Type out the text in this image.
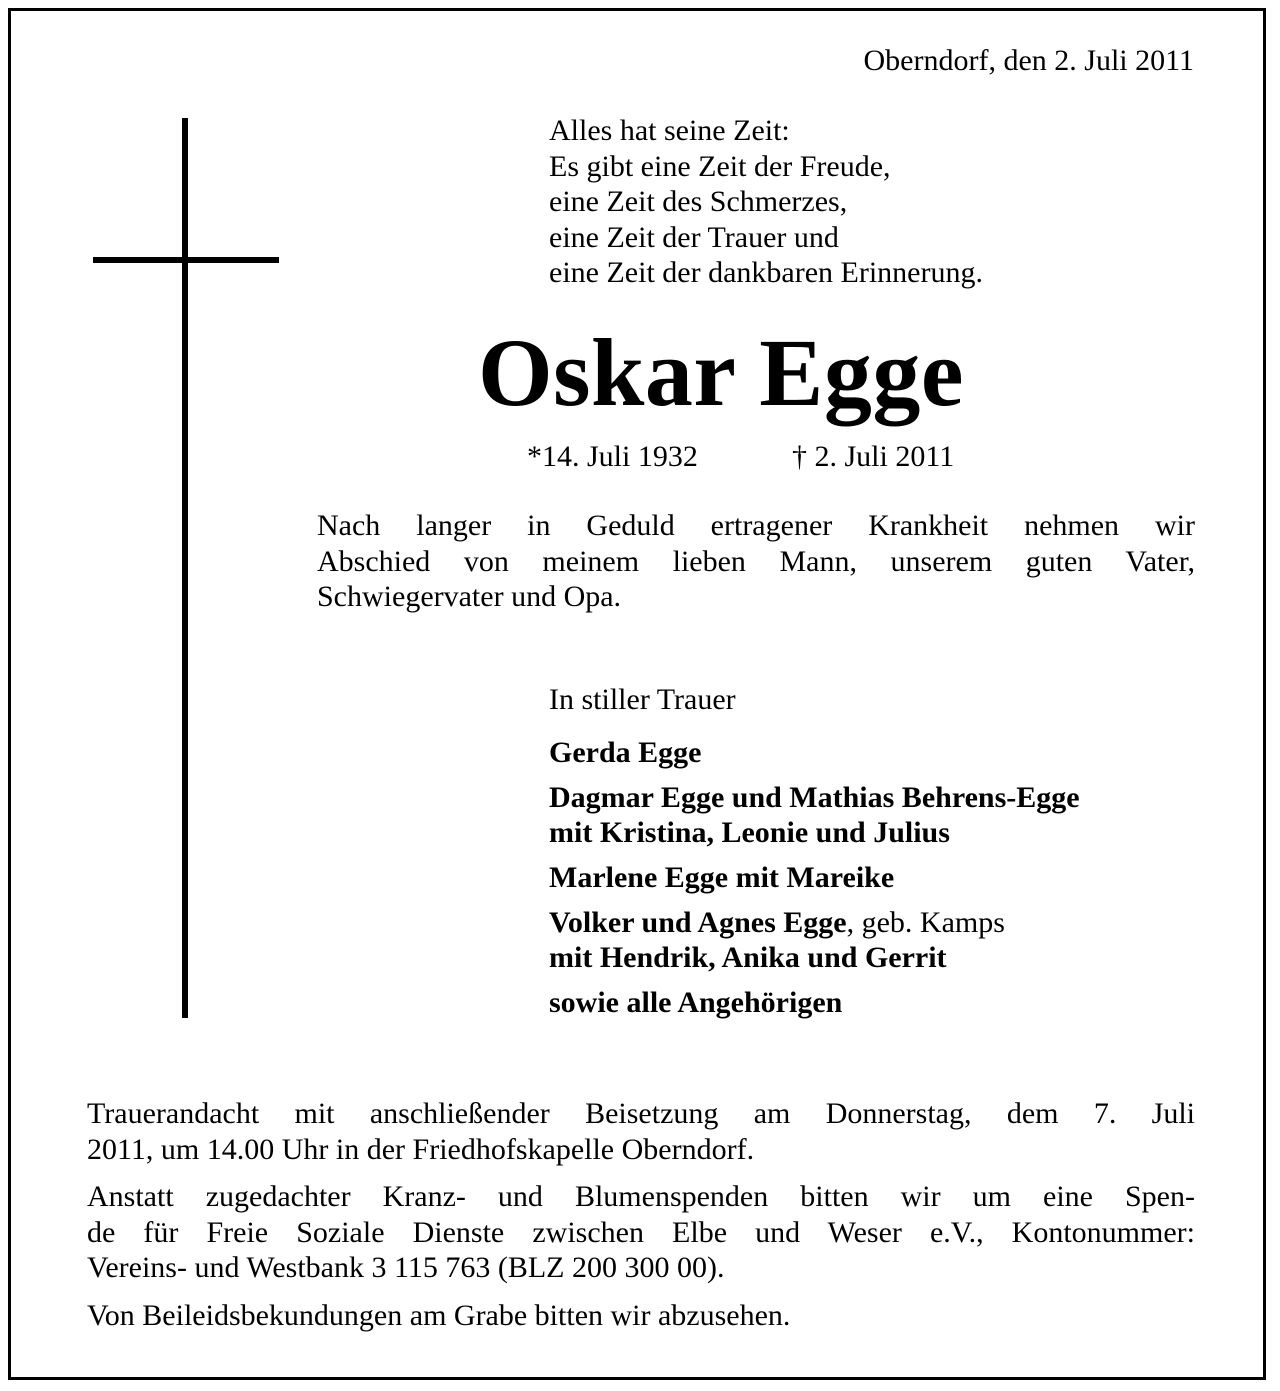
Oberndorf, den 2. Juli 2011
Alles hat seine Zeit:
Es gibt eine Zeit der Freude,
eine Zeit des Schmerzes,
eine Zeit der Trauer und
eine Zeit der dankbaren Erinnerung.
Oskar Egge
*14. Juli 1932	† 2. Juli 2011
Nach langer in Geduld ertragener Krankheit nehmen wir
Abschied von meinem lieben Mann, unserem guten Vater,
Schwiegervater und Opa.
In stiller Trauer
Gerda Egge
Dagmar Egge und Mathias Behrens-Egge
mit Kristina, Leonie und Julius
Marlene Egge mit Mareike
Volker und Agnes Egge, geb. Kamps
mit Hendrik, Anika und Gerrit
sowie alle Angehörigen

Trauerandacht mit anschließender Beisetzung am Donnerstag, dem 7. Juli
2011, um 14.00 Uhr in der Friedhofskapelle Oberndorf.

Anstatt zugedachter Kranz- und Blumenspenden bitten wir um eine Spen-
de für Freie Soziale Dienste zwischen Elbe und Weser e.V., Kontonummer:
Vereins- und Westbank 3 115 763 (BLZ 200 300 00).

Von Beileidsbekundungen am Grabe bitten wir abzusehen.
